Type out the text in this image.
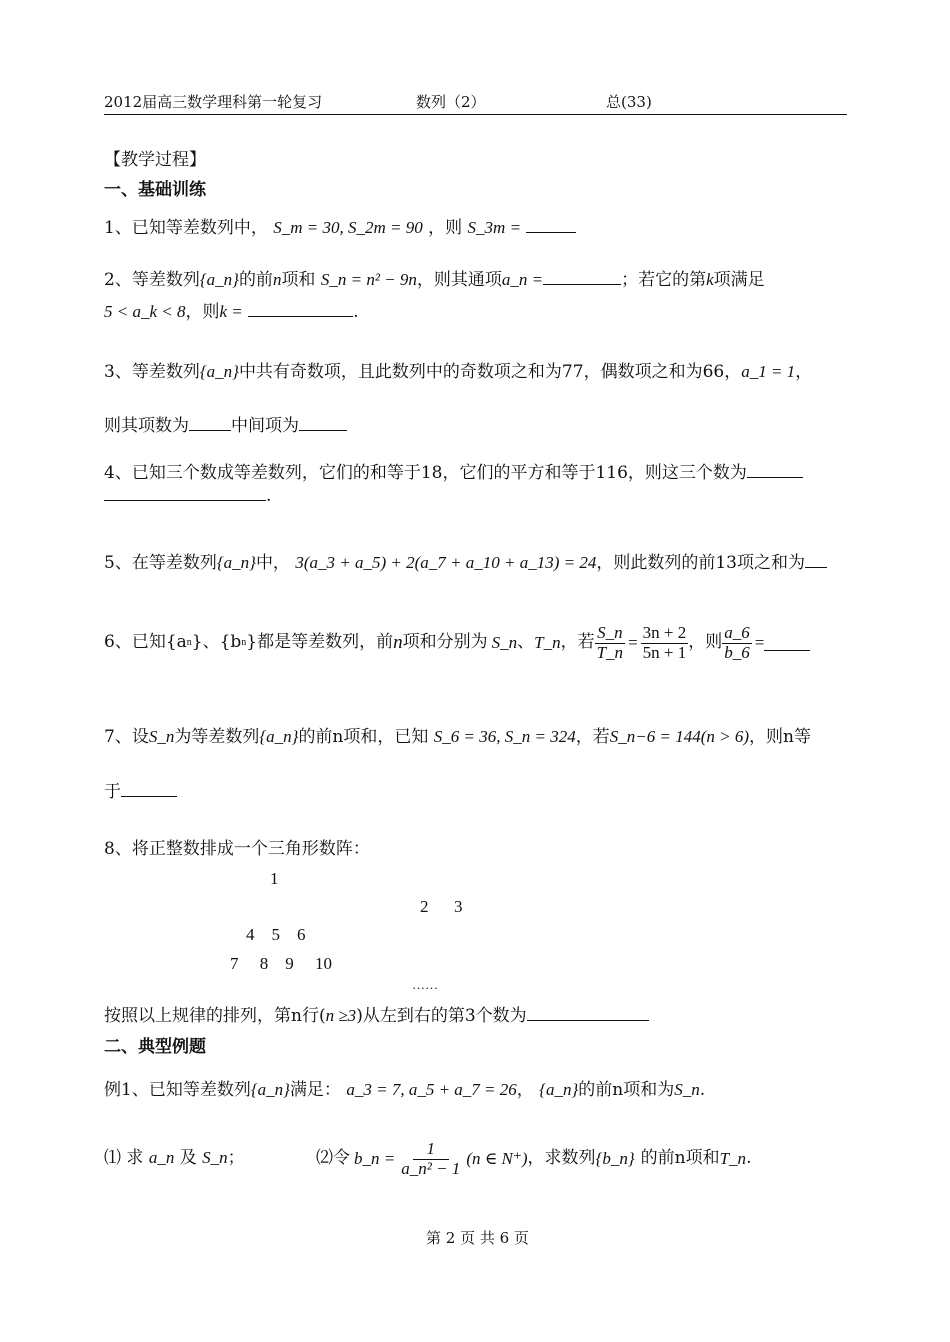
2012届高三数学理科第一轮复习	数列（2）	总(33)
【教学过程】
一、基础训练
1、已知等差数列中， S_m = 30, S_2m = 90 ，则 S_3m =
2、等差数列{a_n}的前n项和 S_n = n² − 9n，则其通项a_n =	；若它的第k项满足
5 < a_k < 8，则k =	.
3、等差数列{a_n}中共有奇数项，且此数列中的奇数项之和为77，偶数项之和为66，a_1 = 1，
则其项数为 中间项为
4、已知三个数成等差数列，它们的和等于18，它们的平方和等于116，则这三个数为
.
5、在等差数列{a_n}中， 3(a_3 + a_5) + 2(a_7 + a_10 + a_13) = 24，则此数列的前13项之和为
6、已知{a n }、{b n }都是等差数列，前 n 项和分别为 S_n 、 T_n ，若 $\frac{S\_n}{T\_n} = \frac{3n + 2}{5n + 1}$ ，则 $\frac{a\_6}{b\_6}$ =
7、设S_n为等差数列{a_n}的前n项和，已知 S_6 = 36, S_n = 324，若S_n−6 = 144(n > 6)，则n等
于
8、将正整数排成一个三角形数阵：
1
2      3
4    5    6
7     8    9     10
……
按照以上规律的排列，第n行(n ≥3)从左到右的第3个数为
二、典型例题
例1、已知等差数列{a_n}满足： a_3 = 7, a_5 + a_7 = 26， {a_n}的前n项和为S_n.
⑴ 求 a_n 及 S_n；	⑵令 b_n = $\frac{1}{\text{a\_n² − 1}} (n$ ∈ N⁺) ，求数列 {b_n} 的前n项和 T_n .
第 2 页 共 6 页
